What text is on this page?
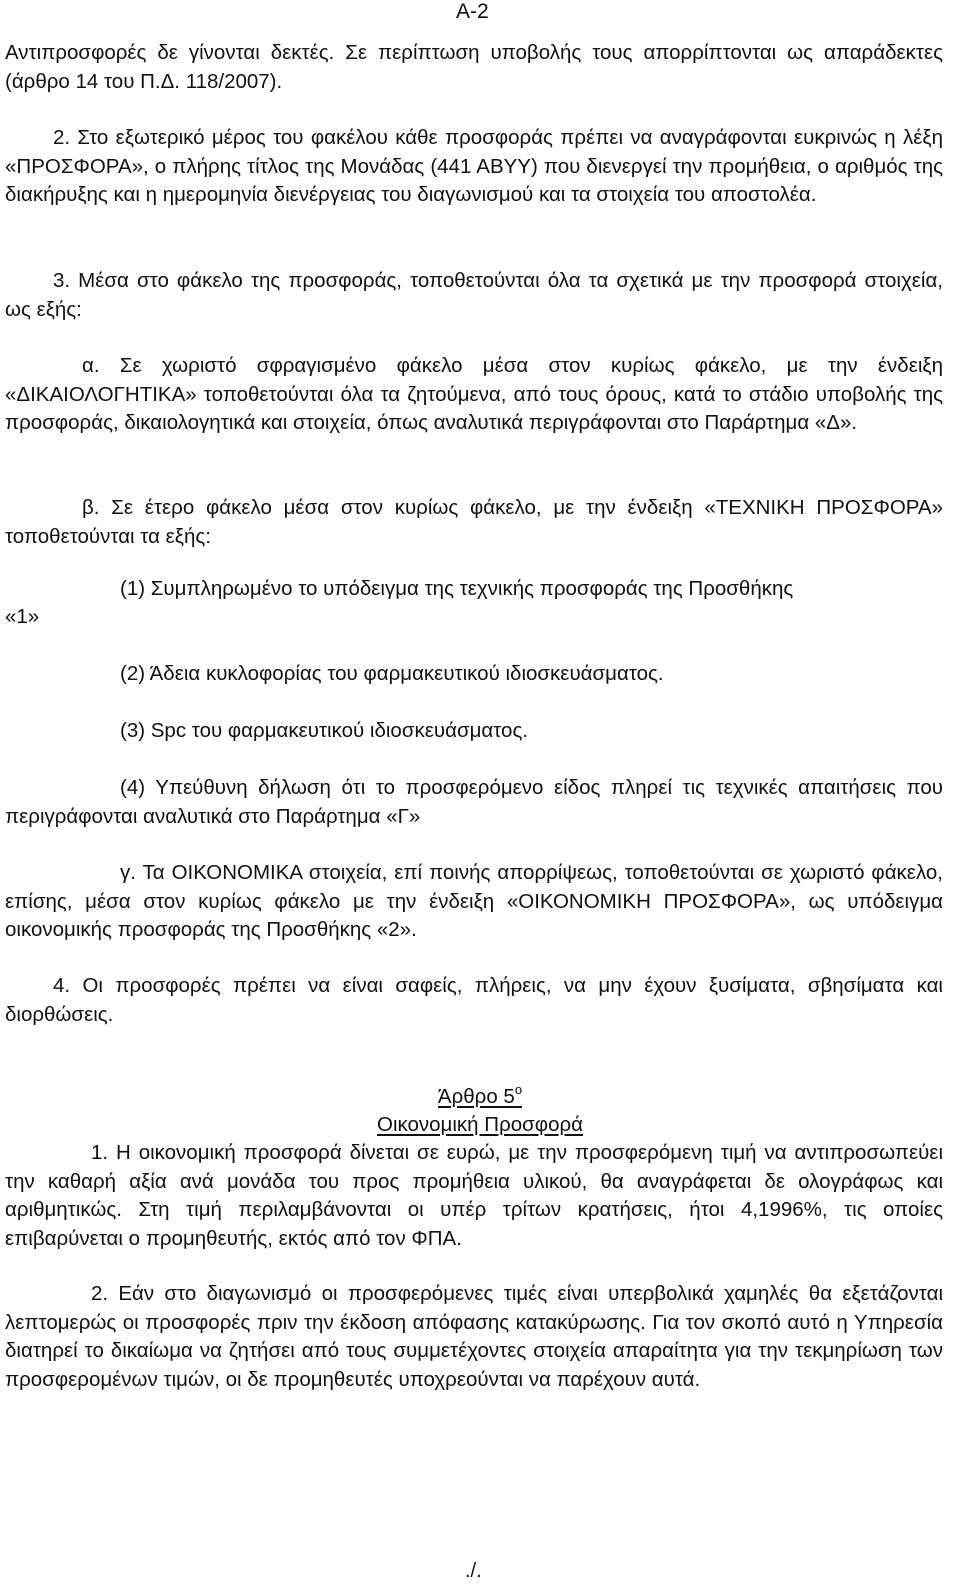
Α-2

Αντιπροσφορές δε γίνονται δεκτές. Σε περίπτωση υποβολής τους απορρίπτονται ως απαράδεκτες (άρθρο 14 του Π.Δ. 118/2007).

2. Στο εξωτερικό μέρος του φακέλου κάθε προσφοράς πρέπει να αναγράφονται ευκρινώς η λέξη «ΠΡΟΣΦΟΡΑ», ο πλήρης τίτλος της Μονάδας (441 ΑΒΥΥ) που διενεργεί την προμήθεια, ο αριθμός της διακήρυξης και η ημερομηνία διενέργειας του διαγωνισμού και τα στοιχεία του αποστολέα.

3. Μέσα στο φάκελο της προσφοράς, τοποθετούνται όλα τα σχετικά με την προσφορά στοιχεία, ως εξής:

α. Σε χωριστό σφραγισμένο φάκελο μέσα στον κυρίως φάκελο, με την ένδειξη «ΔΙΚΑΙΟΛΟΓΗΤΙΚΑ» τοποθετούνται όλα τα ζητούμενα, από τους όρους, κατά το στάδιο υποβολής της προσφοράς, δικαιολογητικά και στοιχεία, όπως αναλυτικά περιγράφονται στο Παράρτημα «Δ».

β. Σε έτερο φάκελο μέσα στον κυρίως φάκελο, με την ένδειξη «ΤΕΧΝΙΚΗ ΠΡΟΣΦΟΡΑ» τοποθετούνται τα εξής:

«1»

(1) Συμπληρωμένο το υπόδειγμα της τεχνικής προσφοράς της Προσθήκης

(2) Άδεια κυκλοφορίας του φαρμακευτικού ιδιοσκευάσματος.

(3) Spc του φαρμακευτικού ιδιοσκευάσματος.

(4) Υπεύθυνη δήλωση ότι το προσφερόμενο είδος πληρεί τις τεχνικές απαιτήσεις που περιγράφονται αναλυτικά στο Παράρτημα «Γ»

γ. Τα ΟΙΚΟΝΟΜΙΚΑ στοιχεία, επί ποινής απορρίψεως, τοποθετούνται σε χωριστό φάκελο, επίσης, μέσα στον κυρίως φάκελο με την ένδειξη «ΟΙΚΟΝΟΜΙΚΗ ΠΡΟΣΦΟΡΑ», ως υπόδειγμα οικονομικής προσφοράς της Προσθήκης «2».

4. Οι προσφορές πρέπει να είναι σαφείς, πλήρεις, να μην έχουν ξυσίματα, σβησίματα και διορθώσεις.

Άρθρο $5^o$
Οικονομική Προσφορά

1. Η οικονομική προσφορά δίνεται σε ευρώ, με την προσφερόμενη τιμή να αντιπροσωπεύει την καθαρή αξία ανά μονάδα του προς προμήθεια υλικού, θα αναγράφεται δε ολογράφως και αριθμητικώς. Στη τιμή περιλαμβάνονται οι υπέρ τρίτων κρατήσεις, ήτοι 4,1996%, τις οποίες επιβαρύνεται ο προμηθευτής, εκτός από τον ΦΠΑ.

2. Εάν στο διαγωνισμό οι προσφερόμενες τιμές είναι υπερβολικά χαμηλές θα εξετάζονται λεπτομερώς οι προσφορές πριν την έκδοση απόφασης κατακύρωσης. Για τον σκοπό αυτό η Υπηρεσία διατηρεί το δικαίωμα να ζητήσει από τους συμμετέχοντες στοιχεία απαραίτητα για την τεκμηρίωση των προσφερομένων τιμών, οι δε προμηθευτές υποχρεούνται να παρέχουν αυτά.

./.
